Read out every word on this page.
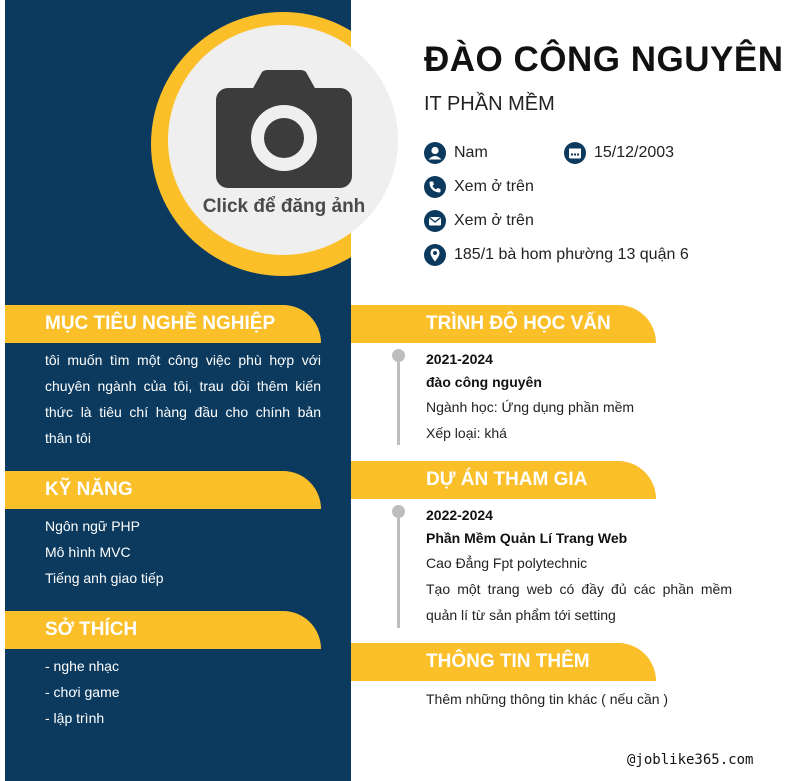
Click để đăng ảnh
ĐÀO CÔNG NGUYÊN
IT PHẦN MỀM
Nam	15/12/2003
Xem ở trên
Xem ở trên
185/1 bà hom phường 13 quận 6
MỤC TIÊU NGHỀ NGHIỆP
tôi muốn tìm một công việc phù hợp với chuyên ngành của tôi, trau dồi thêm kiến thức là tiêu chí hàng đầu cho chính bản thân tôi
KỸ NĂNG
Ngôn ngữ PHP
Mô hình MVC
Tiếng anh giao tiếp
SỞ THÍCH
- nghe nhạc
- chơi game
- lập trình
TRÌNH ĐỘ HỌC VẤN
2021-2024
đào công nguyên
Ngành học: Ứng dụng phần mềm
Xếp loại: khá
DỰ ÁN THAM GIA
2022-2024
Phần Mềm Quản Lí Trang Web
Cao Đẳng Fpt polytechnic
Tạo một trang web có đầy đủ các phần mềm quản lí từ sản phẩm tới setting
THÔNG TIN THÊM
Thêm những thông tin khác ( nếu cần )
@joblike365.com
